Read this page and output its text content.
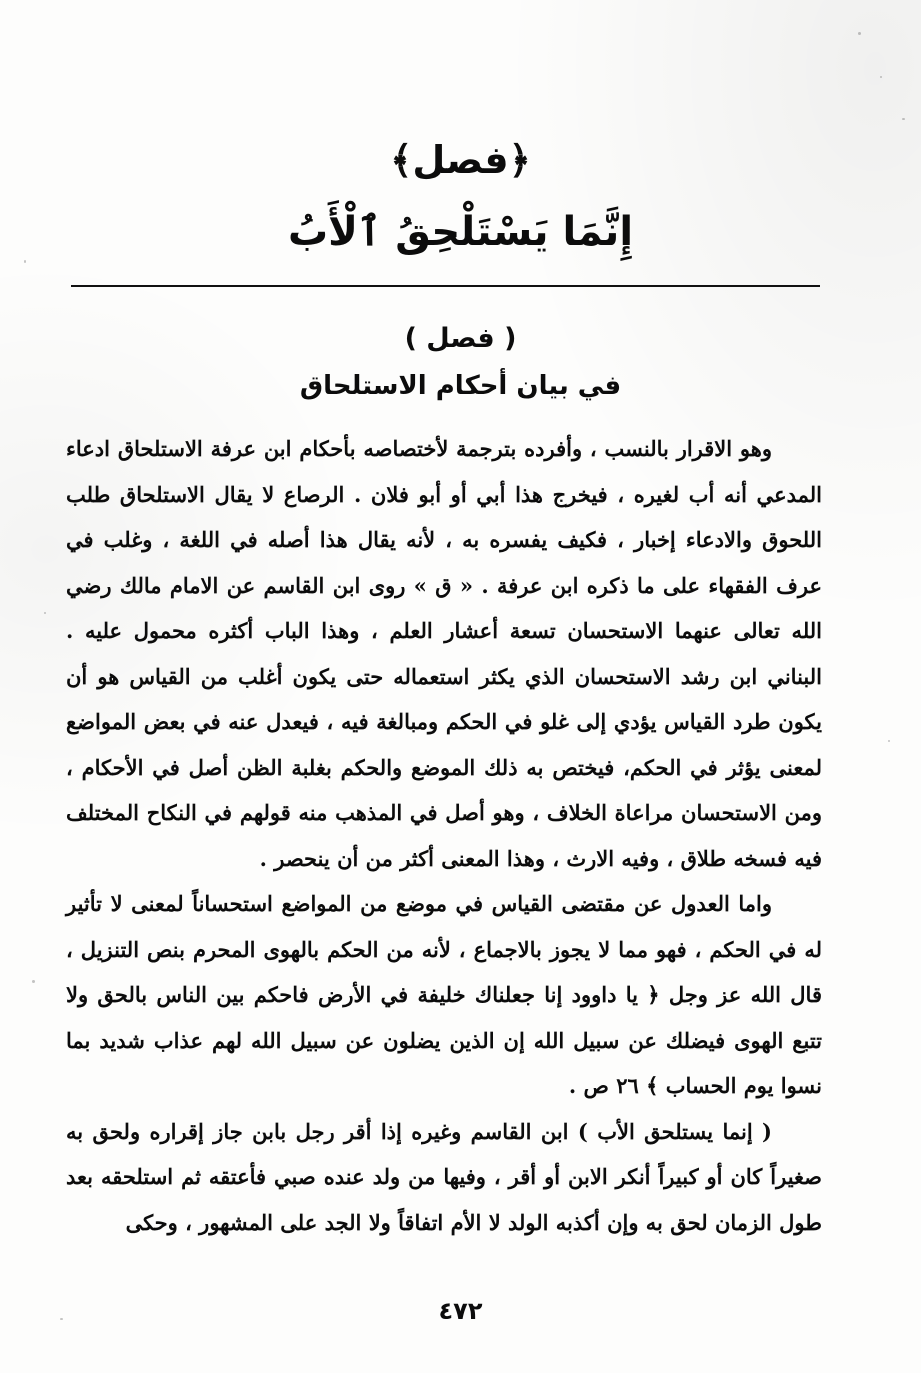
﴿فصل﴾
إِنَّمَا يَسْتَلْحِقُ ٱلْأَبُ
( فصل )
في بيان أحكام الاستلحاق

وهو الاقرار بالنسب ، وأفرده بترجمة لأختصاصه بأحكام ابن عرفة الاستلحاق ادعاء المدعي أنه أب لغيره ، فيخرج هذا أبي أو أبو فلان . الرصاع لا يقال الاستلحاق طلب اللحوق والادعاء إخبار ، فكيف يفسره به ، لأنه يقال هذا أصله في اللغة ، وغلب في عرف الفقهاء على ما ذكره ابن عرفة . « ق » روى ابن القاسم عن الامام مالك رضي الله تعالى عنهما الاستحسان تسعة أعشار العلم ، وهذا الباب أكثره محمول عليه . البناني ابن رشد الاستحسان الذي يكثر استعماله حتى يكون أغلب من القياس هو أن يكون طرد القياس يؤدي إلى غلو في الحكم ومبالغة فيه ، فيعدل عنه في بعض المواضع لمعنى يؤثر في الحكم، فيختص به ذلك الموضع والحكم بغلبة الظن أصل في الأحكام ، ومن الاستحسان مراعاة الخلاف ، وهو أصل في المذهب منه قولهم في النكاح المختلف فيه فسخه طلاق ، وفيه الارث ، وهذا المعنى أكثر من أن ينحصر .

واما العدول عن مقتضى القياس في موضع من المواضع استحساناً لمعنى لا تأثير له في الحكم ، فهو مما لا يجوز بالاجماع ، لأنه من الحكم بالهوى المحرم بنص التنزيل ، قال الله عز وجل ﴿ يا داوود إنا جعلناك خليفة في الأرض فاحكم بين الناس بالحق ولا تتبع الهوى فيضلك عن سبيل الله إن الذين يضلون عن سبيل الله لهم عذاب شديد بما نسوا يوم الحساب ﴾ ٢٦ ص .

( إنما يستلحق الأب ) ابن القاسم وغيره إذا أقر رجل بابن جاز إقراره ولحق به صغيراً كان أو كبيراً أنكر الابن أو أقر ، وفيها من ولد عنده صبي فأعتقه ثم استلحقه بعد طول الزمان لحق به وإن أكذبه الولد لا الأم اتفاقاً ولا الجد على المشهور ، وحكى

٤٧٢
